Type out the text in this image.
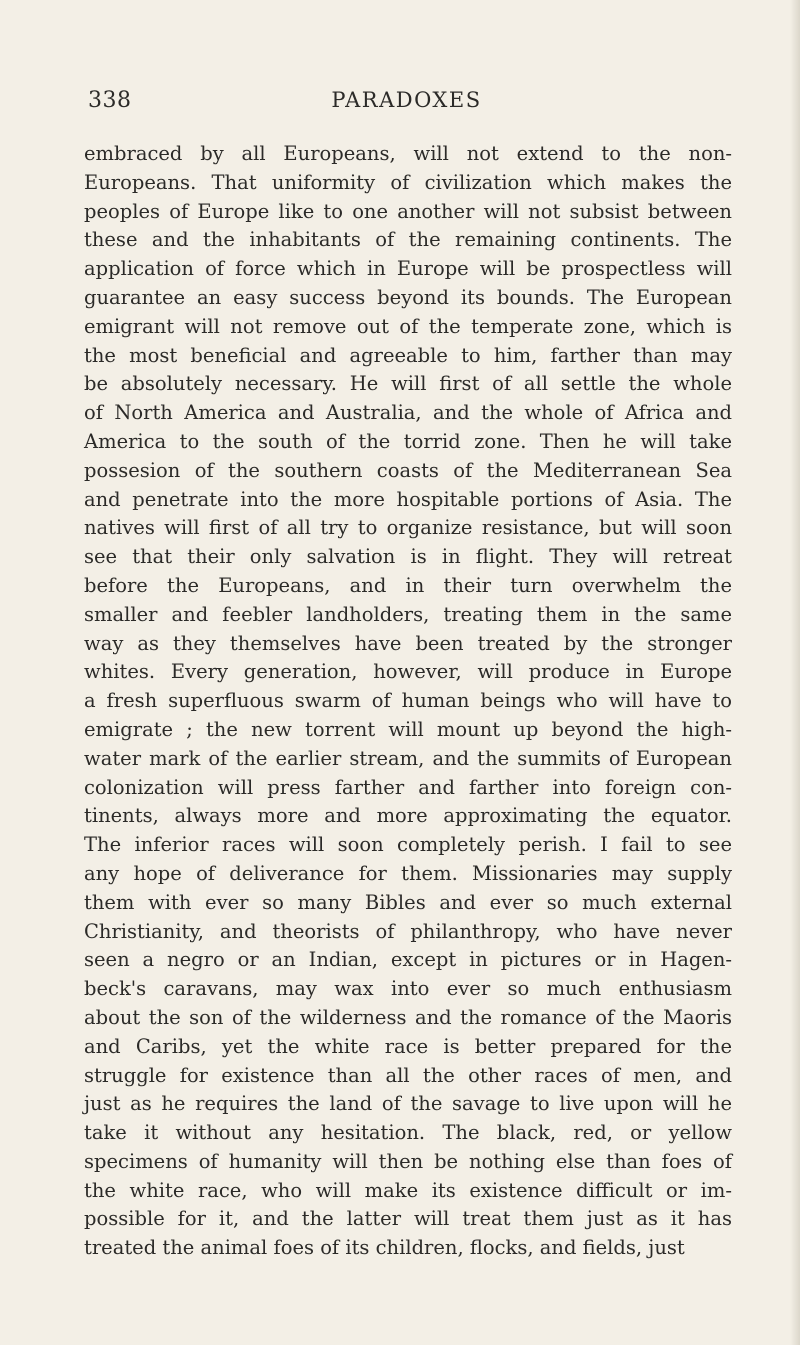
338	PARADOXES
embraced by all Europeans, will not extend to the non-
Europeans. That uniformity of civilization which makes the
peoples of Europe like to one another will not subsist between
these and the inhabitants of the remaining continents. The
application of force which in Europe will be prospectless will
guarantee an easy success beyond its bounds. The European
emigrant will not remove out of the temperate zone, which is
the most beneficial and agreeable to him, farther than may
be absolutely necessary. He will first of all settle the whole
of North America and Australia, and the whole of Africa and
America to the south of the torrid zone. Then he will take
possesion of the southern coasts of the Mediterranean Sea
and penetrate into the more hospitable portions of Asia. The
natives will first of all try to organize resistance, but will soon
see that their only salvation is in flight. They will retreat
before the Europeans, and in their turn overwhelm the
smaller and feebler landholders, treating them in the same
way as they themselves have been treated by the stronger
whites. Every generation, however, will produce in Europe
a fresh superfluous swarm of human beings who will have to
emigrate ; the new torrent will mount up beyond the high-
water mark of the earlier stream, and the summits of European
colonization will press farther and farther into foreign con-
tinents, always more and more approximating the equator.
The inferior races will soon completely perish. I fail to see
any hope of deliverance for them. Missionaries may supply
them with ever so many Bibles and ever so much external
Christianity, and theorists of philanthropy, who have never
seen a negro or an Indian, except in pictures or in Hagen-
beck's caravans, may wax into ever so much enthusiasm
about the son of the wilderness and the romance of the Maoris
and Caribs, yet the white race is better prepared for the
struggle for existence than all the other races of men, and
just as he requires the land of the savage to live upon will he
take it without any hesitation. The black, red, or yellow
specimens of humanity will then be nothing else than foes of
the white race, who will make its existence difficult or im-
possible for it, and the latter will treat them just as it has
treated the animal foes of its children, flocks, and fields, just
